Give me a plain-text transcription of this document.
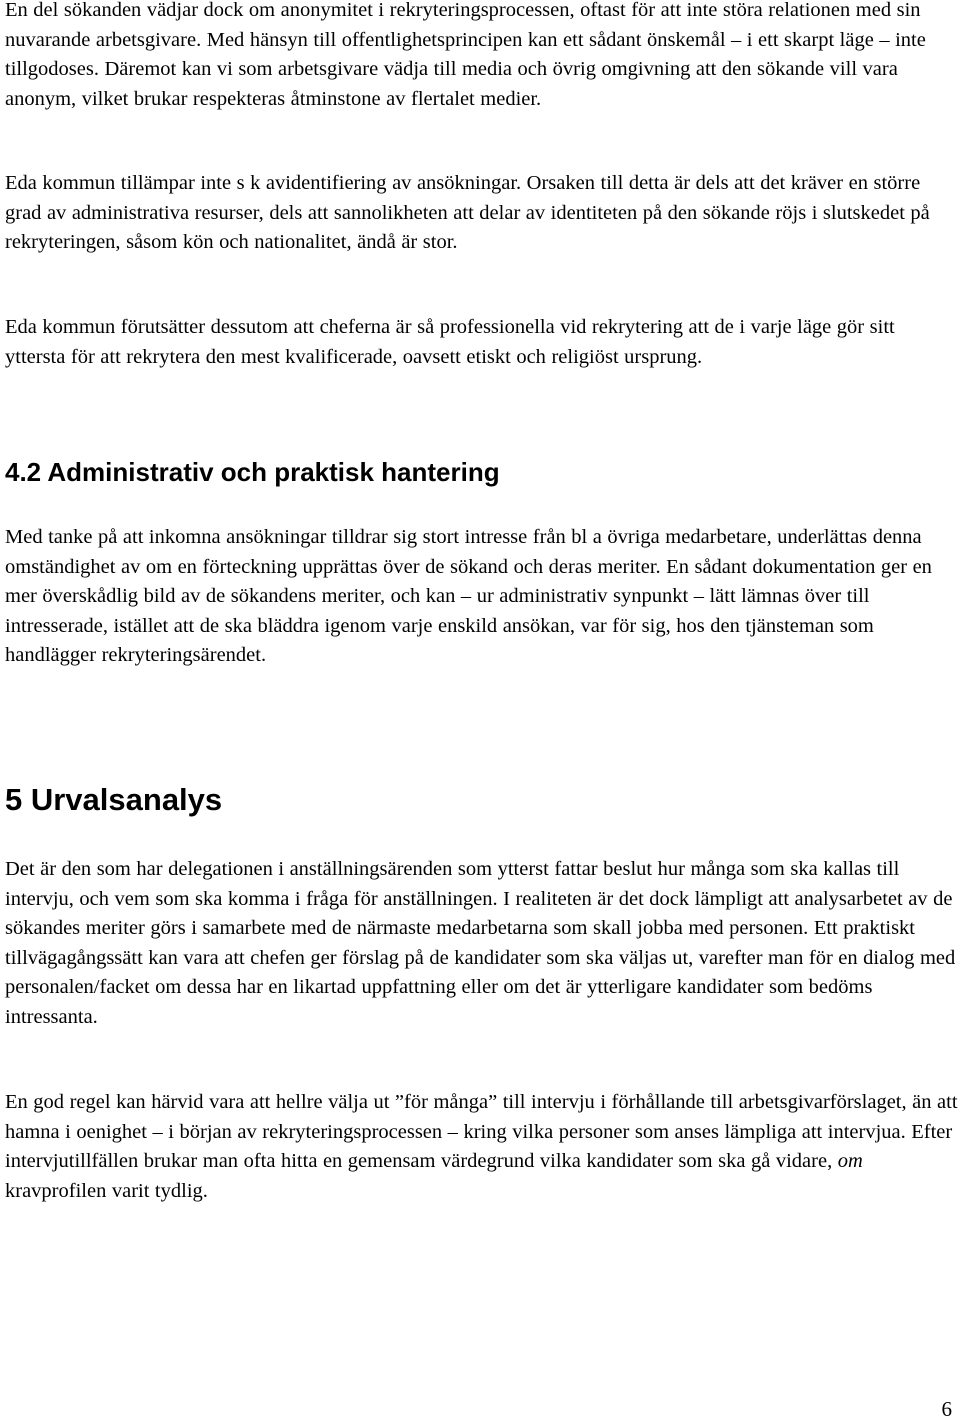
En del sökanden vädjar dock om anonymitet i rekryteringsprocessen, oftast för att inte störa relationen med sin nuvarande arbetsgivare. Med hänsyn till offentlighetsprincipen kan ett sådant önskemål – i ett skarpt läge – inte tillgodoses. Däremot kan vi som arbetsgivare vädja till media och övrig omgivning att den sökande vill vara anonym, vilket brukar respekteras åtminstone av flertalet medier.

Eda kommun tillämpar inte s k avidentifiering av ansökningar. Orsaken till detta är dels att det kräver en större grad av administrativa resurser, dels att sannolikheten att delar av identiteten på den sökande röjs i slutskedet på rekryteringen, såsom kön och nationalitet, ändå är stor.

Eda kommun förutsätter dessutom att cheferna är så professionella vid rekrytering att de i varje läge gör sitt yttersta för att rekrytera den mest kvalificerade, oavsett etiskt och religiöst ursprung.

4.2 Administrativ och praktisk hantering

Med tanke på att inkomna ansökningar tilldrar sig stort intresse från bl a övriga medarbetare, underlättas denna omständighet av om en förteckning upprättas över de sökand och deras meriter. En sådant dokumentation ger en mer överskådlig bild av de sökandens meriter, och kan – ur administrativ synpunkt – lätt lämnas över till intresserade, istället att de ska bläddra igenom varje enskild ansökan, var för sig, hos den tjänsteman som handlägger rekryteringsärendet.

5 Urvalsanalys

Det är den som har delegationen i anställningsärenden som ytterst fattar beslut hur många som ska kallas till intervju, och vem som ska komma i fråga för anställningen. I realiteten är det dock lämpligt att analysarbetet av de sökandes meriter görs i samarbete med de närmaste medarbetarna som skall jobba med personen. Ett praktiskt tillvägagångssätt kan vara att chefen ger förslag på de kandidater som ska väljas ut, varefter man för en dialog med personalen/facket om dessa har en likartad uppfattning eller om det är ytterligare kandidater som bedöms intressanta.

En god regel kan härvid vara att hellre välja ut ”för många” till intervju i förhållande till arbetsgivarförslaget, än att hamna i oenighet – i början av rekryteringsprocessen – kring vilka personer som anses lämpliga att intervjua. Efter intervjutillfällen brukar man ofta hitta en gemensam värdegrund vilka kandidater som ska gå vidare, om kravprofilen varit tydlig.

6
